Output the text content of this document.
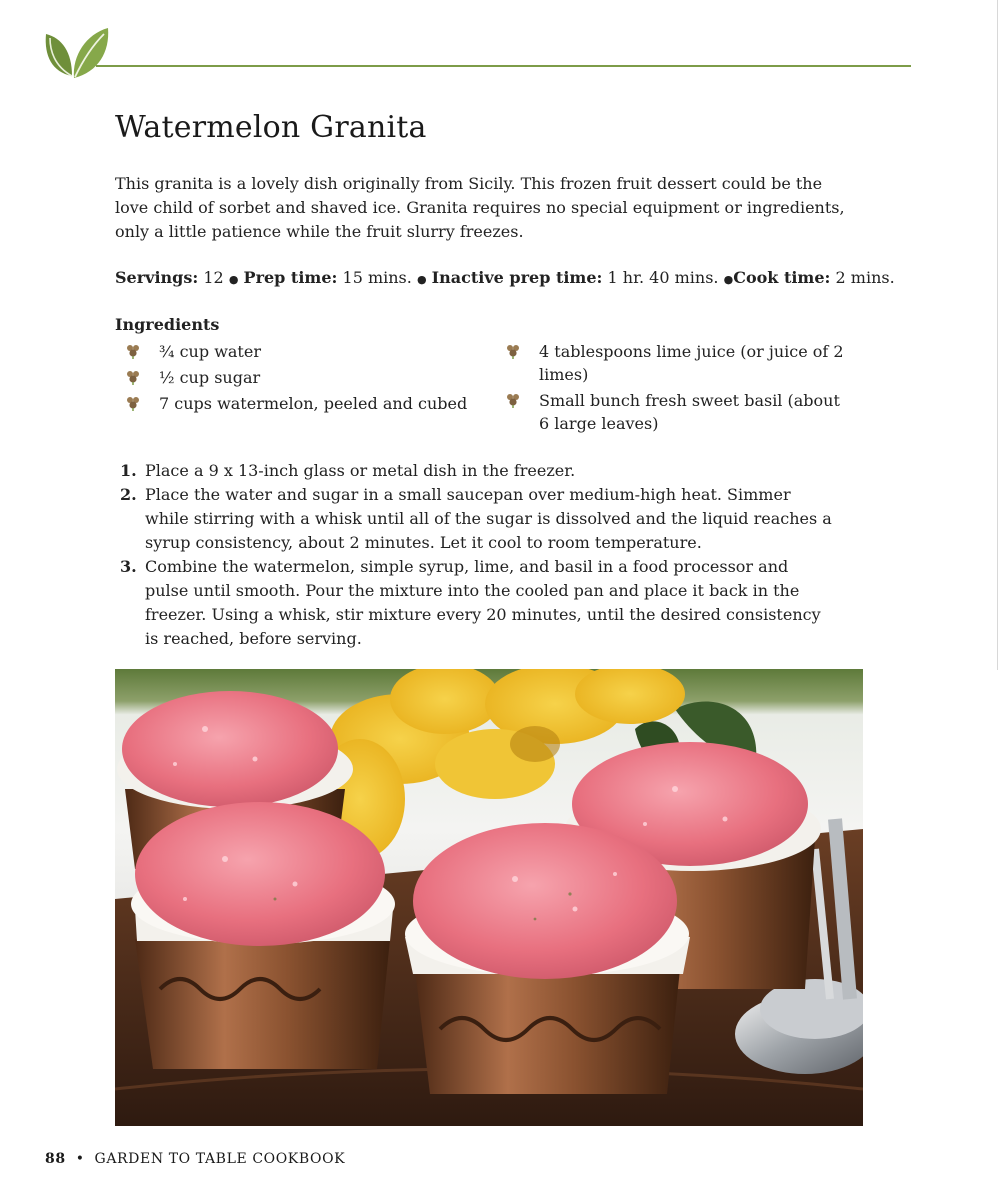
Watermelon Granita

This granita is a lovely dish originally from Sicily. This frozen fruit dessert could be the love child of sorbet and shaved ice. Granita requires no special equipment or ingredients, only a little patience while the fruit slurry freezes.

Servings: 12 ● Prep time: 15 mins. ● Inactive prep time: 1 hr. 40 mins. ●Cook time: 2 mins.

Ingredients
¾ cup water
½ cup sugar
7 cups watermelon, peeled and cubed
4 tablespoons lime juice (or juice of 2 limes)
Small bunch fresh sweet basil (about 6 large leaves)
1. Place a 9 x 13-inch glass or metal dish in the freezer.
2. Place the water and sugar in a small saucepan over medium-high heat. Simmer while stirring with a whisk until all of the sugar is dissolved and the liquid reaches a syrup consistency, about 2 minutes. Let it cool to room temperature.
3. Combine the watermelon, simple syrup, lime, and basil in a food processor and pulse until smooth. Pour the mixture into the cooled pan and place it back in the freezer. Using a whisk, stir mixture every 20 minutes, until the desired consistency is reached, before serving.
88 • GARDEN TO TABLE COOKBOOK
